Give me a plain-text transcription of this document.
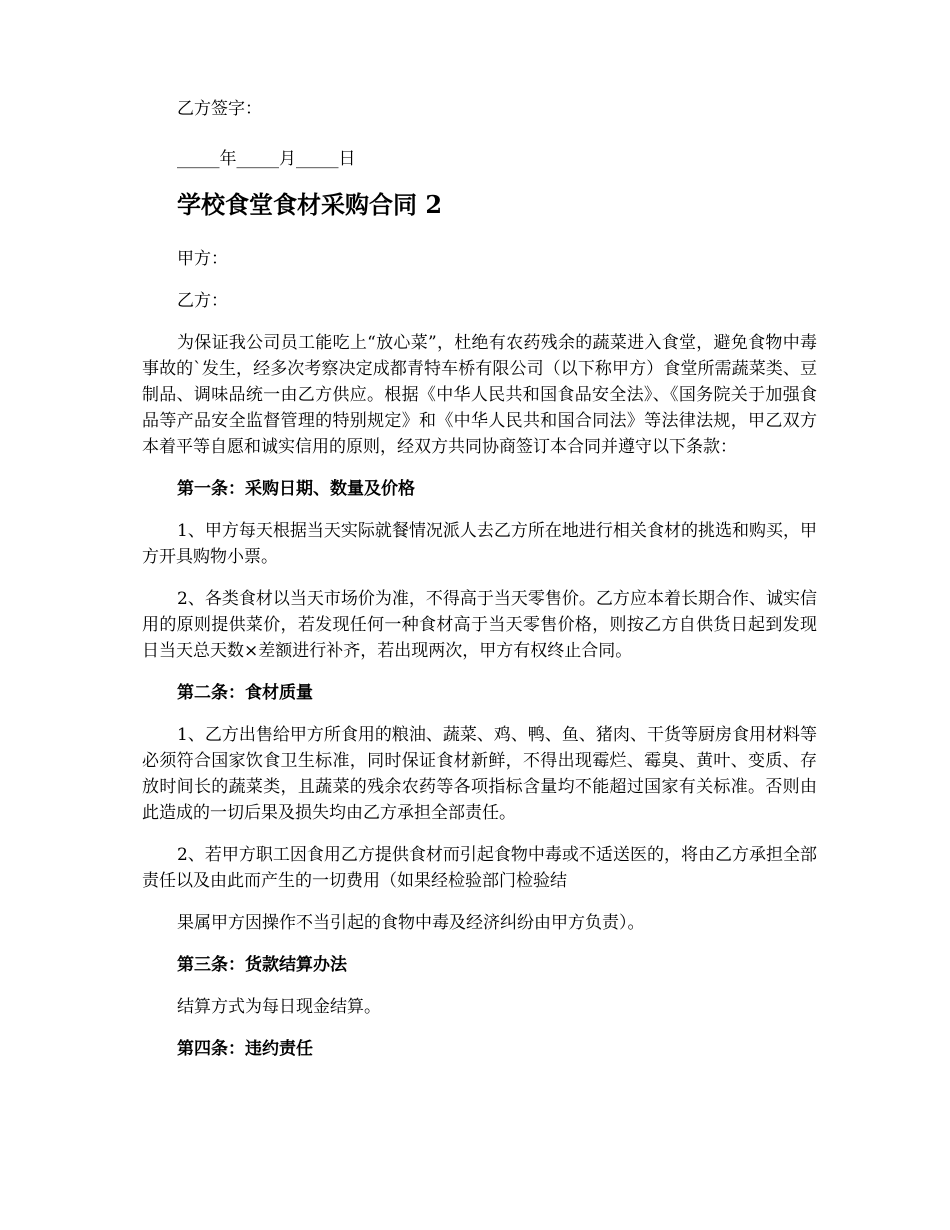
乙方签字：

_____年_____月_____日

学校食堂食材采购合同 2

甲方：

乙方：

为保证我公司员工能吃上“放心菜”，杜绝有农药残余的蔬菜进入食堂，避免食物中毒事故的`发生，经多次考察决定成都青特车桥有限公司（以下称甲方）食堂所需蔬菜类、豆制品、调味品统一由乙方供应。根据《中华人民共和国食品安全法》、《国务院关于加强食品等产品安全监督管理的特别规定》和《中华人民共和国合同法》等法律法规，甲乙双方本着平等自愿和诚实信用的原则，经双方共同协商签订本合同并遵守以下条款：

第一条：采购日期、数量及价格

1、甲方每天根据当天实际就餐情况派人去乙方所在地进行相关食材的挑选和购买，甲方开具购物小票。

2、各类食材以当天市场价为准，不得高于当天零售价。乙方应本着长期合作、诚实信用的原则提供菜价，若发现任何一种食材高于当天零售价格，则按乙方自供货日起到发现日当天总天数×差额进行补齐，若出现两次，甲方有权终止合同。

第二条：食材质量

1、乙方出售给甲方所食用的粮油、蔬菜、鸡、鸭、鱼、猪肉、干货等厨房食用材料等必须符合国家饮食卫生标准，同时保证食材新鲜，不得出现霉烂、霉臭、黄叶、变质、存放时间长的蔬菜类，且蔬菜的残余农药等各项指标含量均不能超过国家有关标准。否则由此造成的一切后果及损失均由乙方承担全部责任。

2、若甲方职工因食用乙方提供食材而引起食物中毒或不适送医的，将由乙方承担全部责任以及由此而产生的一切费用（如果经检验部门检验结

果属甲方因操作不当引起的食物中毒及经济纠纷由甲方负责）。

第三条：货款结算办法

结算方式为每日现金结算。

第四条：违约责任
